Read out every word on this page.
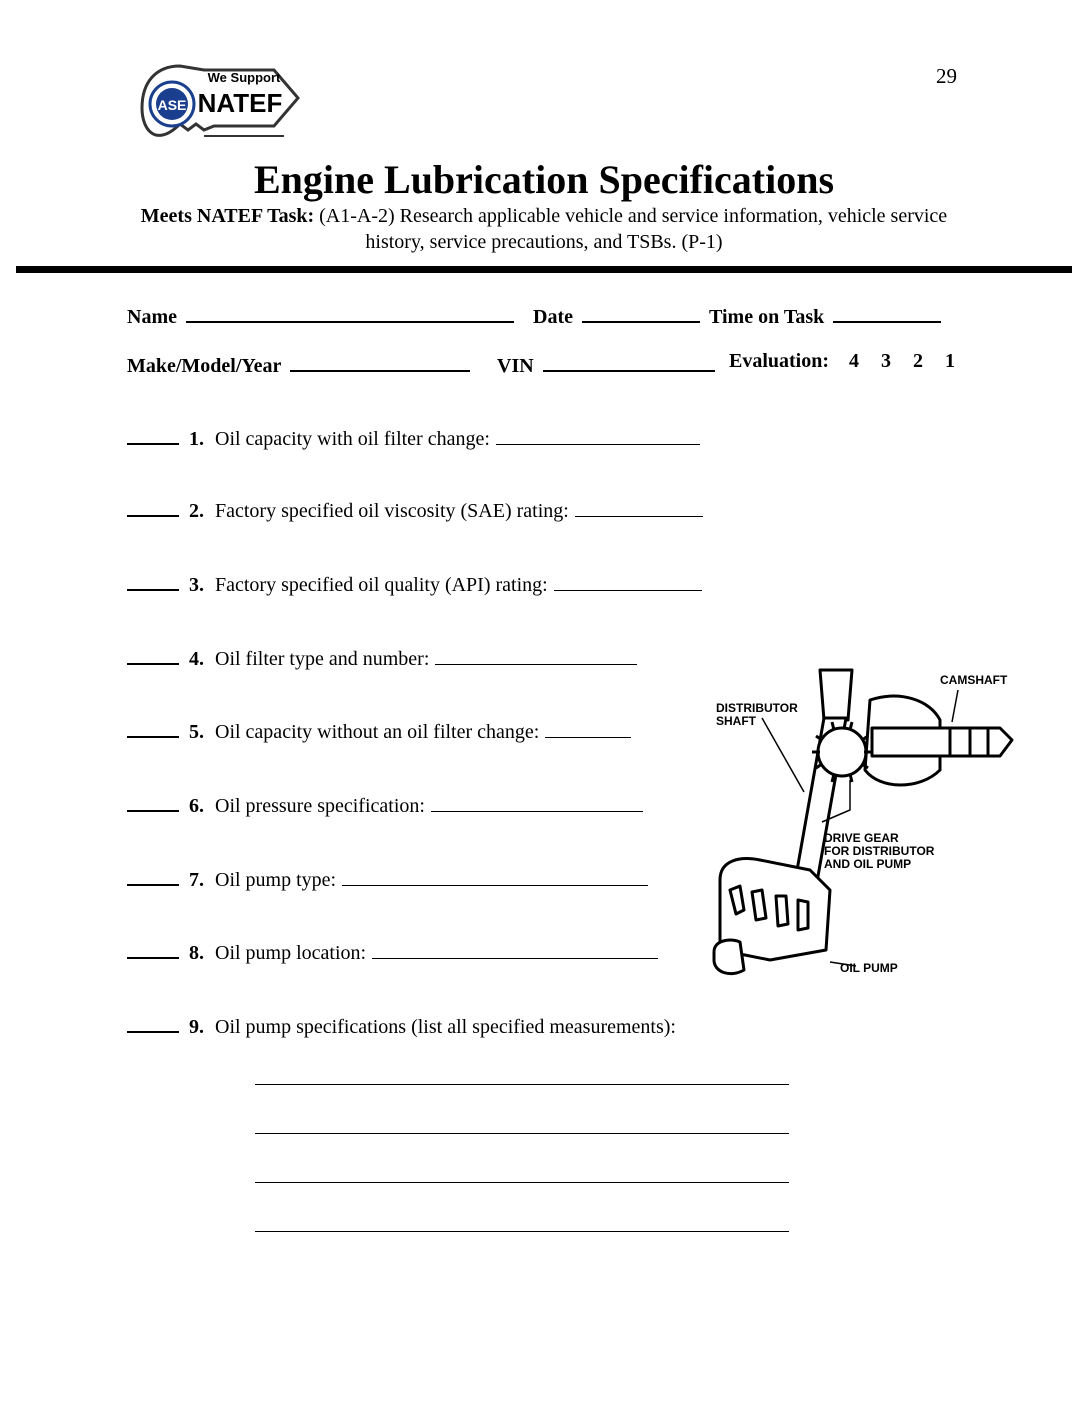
29
ASE
We Support
NATEF
Engine Lubrication Specifications
Meets NATEF Task: (A1-A-2) Research applicable vehicle and service information, vehicle service history, service precautions, and TSBs. (P-1)
Name	Date	Time on Task
Make/Model/Year	VIN	Evaluation: 4 3 2 1
1. Oil capacity with oil filter change:
2. Factory specified oil viscosity (SAE) rating:
3. Factory specified oil quality (API) rating:
4. Oil filter type and number:
5. Oil capacity without an oil filter change:
6. Oil pressure specification:
7. Oil pump type:
8. Oil pump location:
9. Oil pump specifications (list all specified measurements):
CAMSHAFT
DISTRIBUTOR
SHAFT
DRIVE GEAR
FOR DISTRIBUTOR
AND OIL PUMP
OIL PUMP
